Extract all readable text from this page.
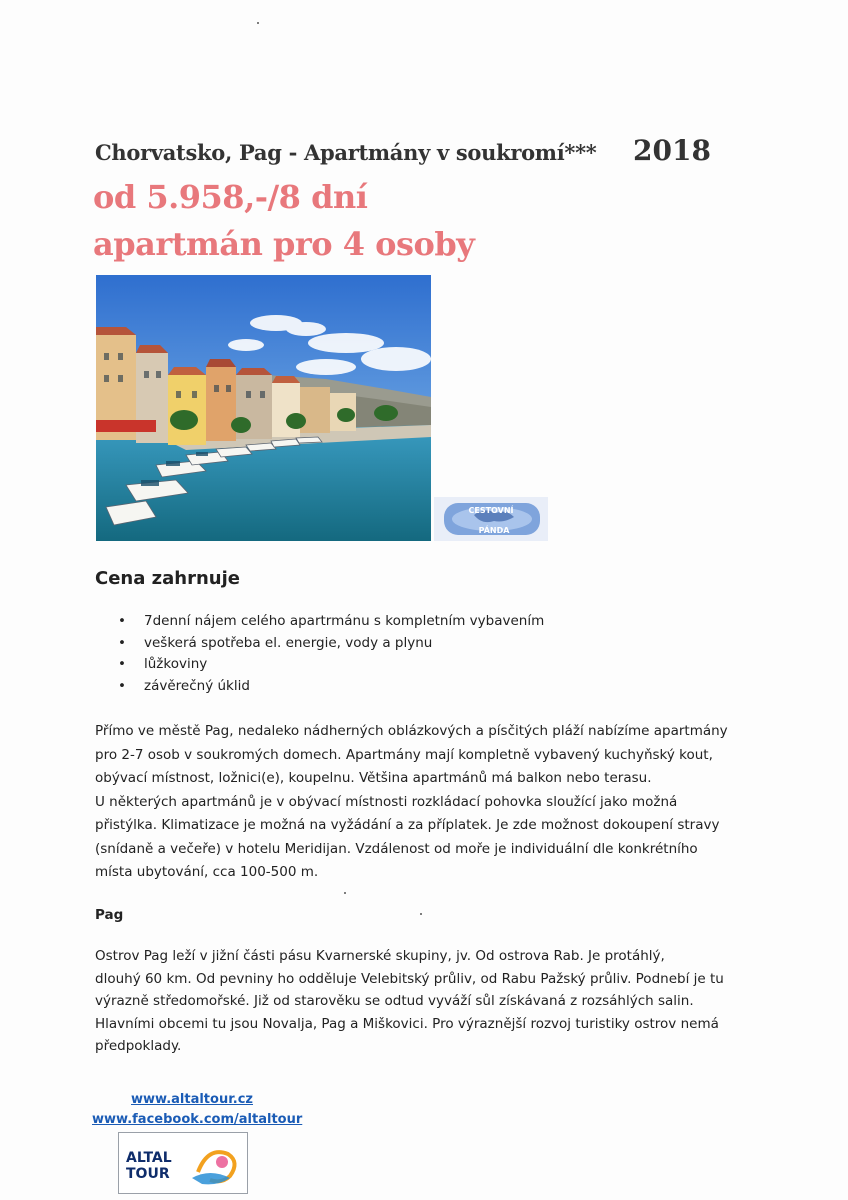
Chorvatsko, Pag - Apartmány v soukromí*** 2018
od 5.958,-/8 dní
apartmán pro 4 osoby
CESTOVNÍ
PÁNDA
Cena zahrnuje
• 7denní nájem celého apartrmánu s kompletním vybavením
• veškerá spotřeba el. energie, vody a plynu
• lůžkoviny
• závěrečný úklid

Přímo ve městě Pag, nedaleko nádherných oblázkových a písčitých pláží nabízíme apartmány
pro 2-7 osob v soukromých domech. Apartmány mají kompletně vybavený kuchyňský kout,
obývací místnost, ložnici(e), koupelnu. Většina apartmánů má balkon nebo terasu.
U některých apartmánů je v obývací místnosti rozkládací pohovka sloužící jako možná
přistýlka. Klimatizace je možná na vyžádání a za příplatek. Je zde možnost dokoupení stravy
(snídaně a večeře) v hotelu Meridijan. Vzdálenost od moře je individuální dle konkrétního
místa ubytování, cca 100-500 m.

Pag

Ostrov Pag leží v jižní části pásu Kvarnerské skupiny, jv. Od ostrova Rab. Je protáhlý,
dlouhý 60 km. Od pevniny ho odděluje Velebitský průliv, od Rabu Pažský průliv. Podnebí je tu
výrazně středomořské. Již od starověku se odtud vyváží sůl získávaná z rozsáhlých salin.
Hlavními obcemi tu jsou Novalja, Pag a Miškovici. Pro výraznější rozvoj turistiky ostrov nemá
předpoklady.

www.altaltour.cz
www.facebook.com/altaltour
ALTAL
TOUR
